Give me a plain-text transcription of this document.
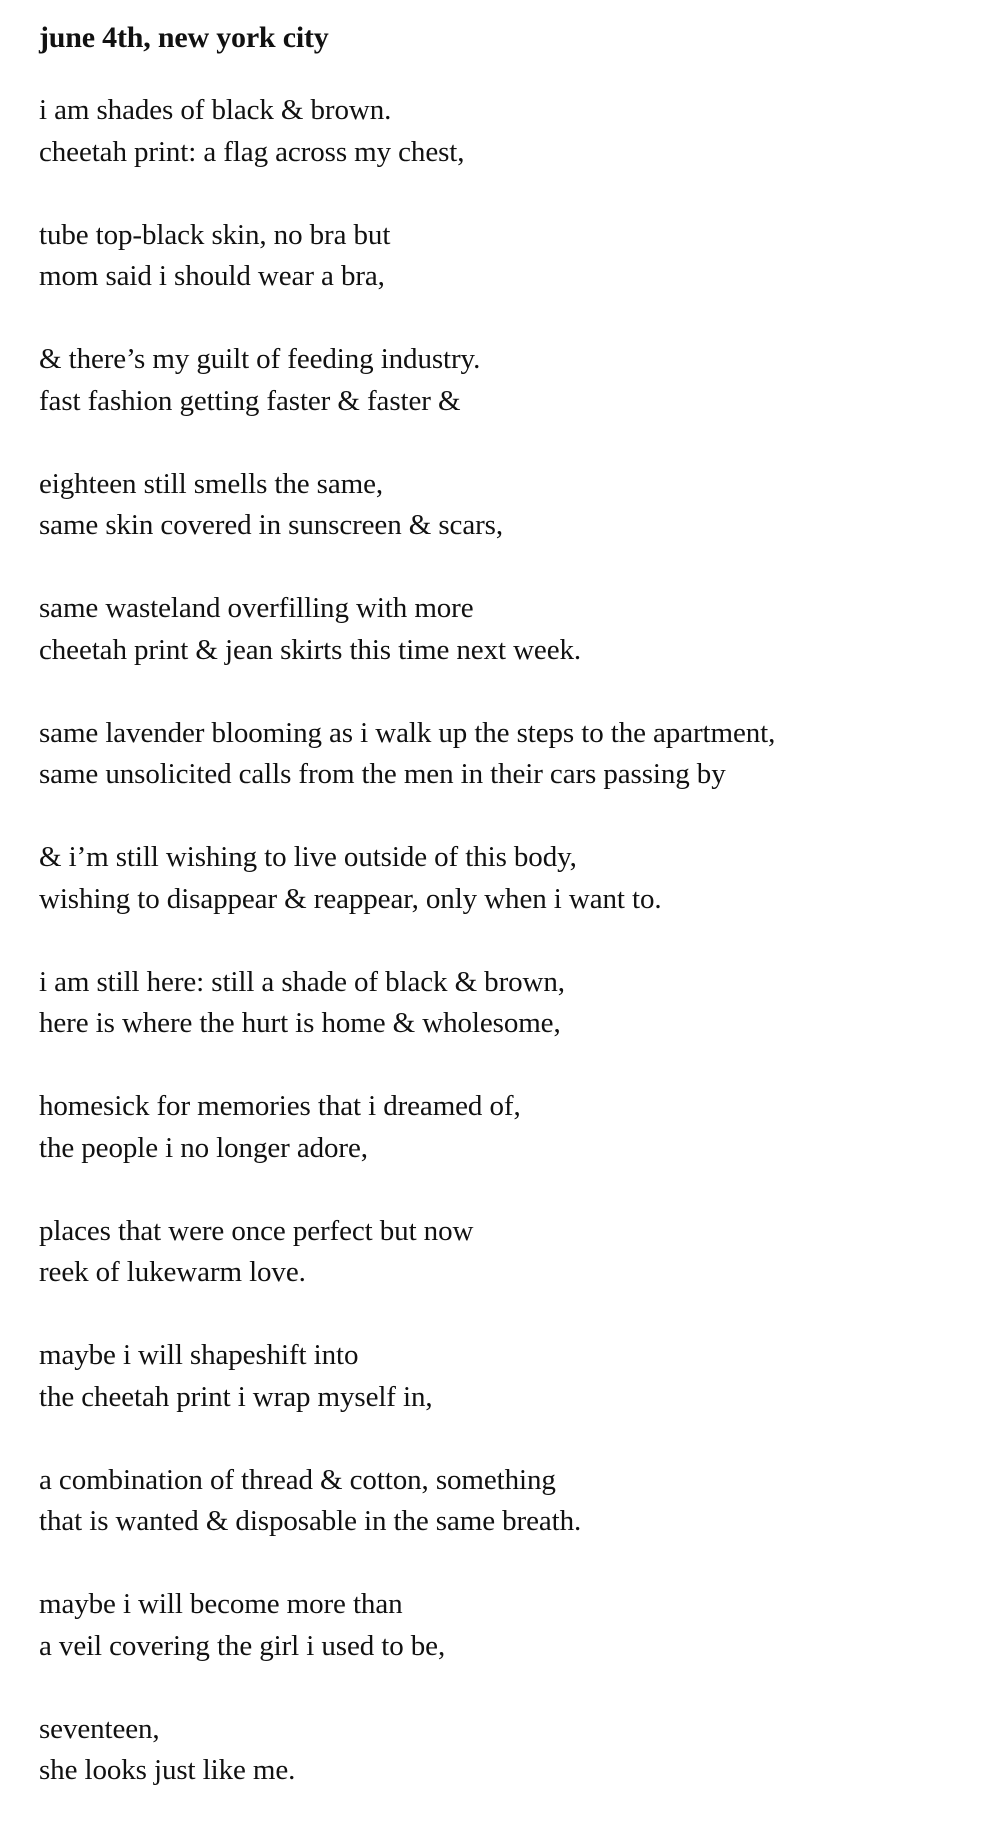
june 4th, new york city
i am shades of black & brown.
cheetah print: a flag across my chest,
tube top-black skin, no bra but
mom said i should wear a bra,
& there’s my guilt of feeding industry.
fast fashion getting faster & faster &
eighteen still smells the same,
same skin covered in sunscreen & scars,
same wasteland overfilling with more
cheetah print & jean skirts this time next week.
same lavender blooming as i walk up the steps to the apartment,
same unsolicited calls from the men in their cars passing by
& i’m still wishing to live outside of this body,
wishing to disappear & reappear, only when i want to.
i am still here: still a shade of black & brown,
here is where the hurt is home & wholesome,
homesick for memories that i dreamed of,
the people i no longer adore,
places that were once perfect but now
reek of lukewarm love.
maybe i will shapeshift into
the cheetah print i wrap myself in,
a combination of thread & cotton, something
that is wanted & disposable in the same breath.
maybe i will become more than
a veil covering the girl i used to be,
seventeen,
she looks just like me.
